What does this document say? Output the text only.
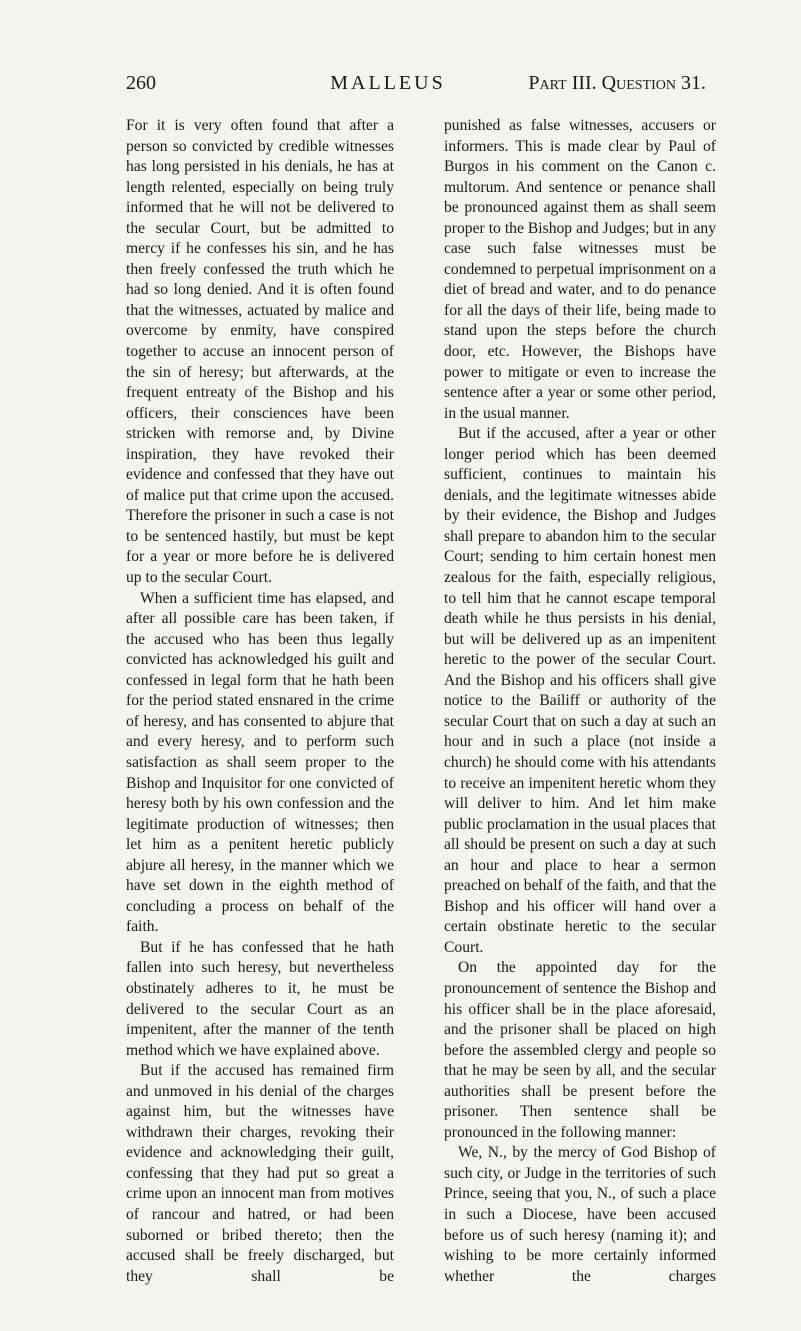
260	MALLEUS	Part III. Question 31.

For it is very often found that after a person so convicted by credible witnesses has long persisted in his denials, he has at length relented, especially on being truly informed that he will not be delivered to the secular Court, but be admitted to mercy if he confesses his sin, and he has then freely confessed the truth which he had so long denied. And it is often found that the witnesses, actuated by malice and overcome by enmity, have conspired together to accuse an innocent person of the sin of heresy; but afterwards, at the frequent entreaty of the Bishop and his officers, their consciences have been stricken with remorse and, by Divine inspiration, they have revoked their evidence and confessed that they have out of malice put that crime upon the accused. Therefore the prisoner in such a case is not to be sentenced hastily, but must be kept for a year or more before he is delivered up to the secular Court.

When a sufficient time has elapsed, and after all possible care has been taken, if the accused who has been thus legally convicted has acknowledged his guilt and confessed in legal form that he hath been for the period stated ensnared in the crime of heresy, and has consented to abjure that and every heresy, and to perform such satisfaction as shall seem proper to the Bishop and Inquisitor for one convicted of heresy both by his own confession and the legitimate production of witnesses; then let him as a penitent heretic publicly abjure all heresy, in the manner which we have set down in the eighth method of concluding a process on behalf of the faith.

But if he has confessed that he hath fallen into such heresy, but nevertheless obstinately adheres to it, he must be delivered to the secular Court as an impenitent, after the manner of the tenth method which we have explained above.

But if the accused has remained firm and unmoved in his denial of the charges against him, but the witnesses have withdrawn their charges, revoking their evidence and acknowledging their guilt, confessing that they had put so great a crime upon an innocent man from motives of rancour and hatred, or had been suborned or bribed thereto; then the accused shall be freely discharged, but they shall be

punished as false witnesses, accusers or informers. This is made clear by Paul of Burgos in his comment on the Canon c. multorum. And sentence or penance shall be pronounced against them as shall seem proper to the Bishop and Judges; but in any case such false witnesses must be condemned to perpetual imprisonment on a diet of bread and water, and to do penance for all the days of their life, being made to stand upon the steps before the church door, etc. However, the Bishops have power to mitigate or even to increase the sentence after a year or some other period, in the usual manner.

But if the accused, after a year or other longer period which has been deemed sufficient, continues to maintain his denials, and the legitimate witnesses abide by their evidence, the Bishop and Judges shall prepare to abandon him to the secular Court; sending to him certain honest men zealous for the faith, especially religious, to tell him that he cannot escape temporal death while he thus persists in his denial, but will be delivered up as an impenitent heretic to the power of the secular Court. And the Bishop and his officers shall give notice to the Bailiff or authority of the secular Court that on such a day at such an hour and in such a place (not inside a church) he should come with his attendants to receive an impenitent heretic whom they will deliver to him. And let him make public proclamation in the usual places that all should be present on such a day at such an hour and place to hear a sermon preached on behalf of the faith, and that the Bishop and his officer will hand over a certain obstinate heretic to the secular Court.

On the appointed day for the pronouncement of sentence the Bishop and his officer shall be in the place aforesaid, and the prisoner shall be placed on high before the assembled clergy and people so that he may be seen by all, and the secular authorities shall be present before the prisoner. Then sentence shall be pronounced in the following manner:

We, N., by the mercy of God Bishop of such city, or Judge in the territories of such Prince, seeing that you, N., of such a place in such a Diocese, have been accused before us of such heresy (naming it); and wishing to be more certainly informed whether the charges
